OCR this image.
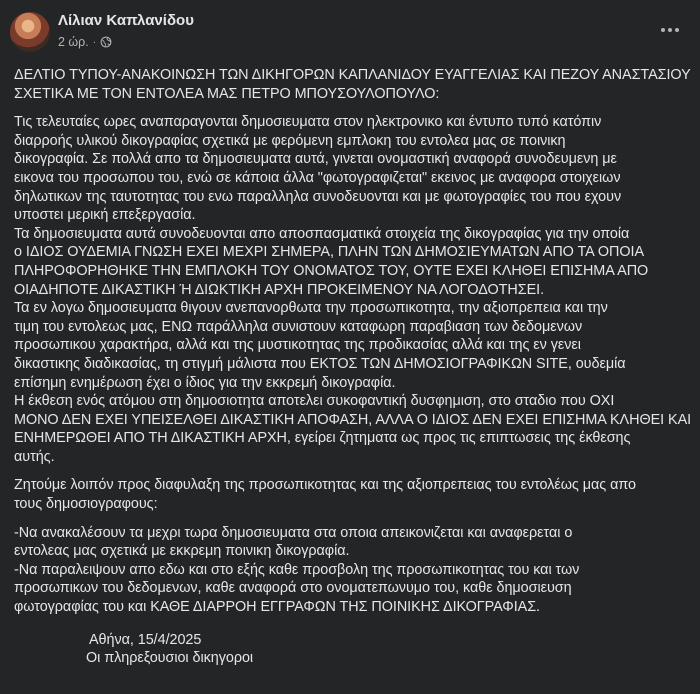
Λίλιαν Καπλανίδου
2 ώρ. ·

ΔΕΛΤΙΟ ΤΥΠΟΥ-ΑΝΑΚΟΙΝΩΣΗ ΤΩΝ ΔΙΚΗΓΟΡΩΝ ΚΑΠΛΑΝΙΔΟΥ ΕΥΑΓΓΕΛΙΑΣ ΚΑΙ ΠΕΖΟΥ ΑΝΑΣΤΑΣΙΟΥ
ΣΧΕΤΙΚΑ ΜΕ ΤΟΝ ΕΝΤΟΛΕΑ ΜΑΣ ΠΕΤΡΟ ΜΠΟΥΣΟΥΛΟΠΟΥΛΟ:

Τις τελευταίες ωρες αναπαραγονται δημοσιευματα στον ηλεκτρονικο και έντυπο τυπό κατόπιν
διαρροής υλικού δικογραφίας σχετικά με φερόμενη εμπλοκη του εντολεα μας σε ποινικη
δικογραφία. Σε πολλά απο τα δημοσιευματα αυτά, γινεται ονομαστική αναφορά συνοδευμενη με
εικονα του προσωπου του, ενώ σε κάποια άλλα "φωτογραφιζεται" εκεινος με αναφορα στοιχειων
δηλωτικων της ταυτοτητας του ενω παραλληλα συνοδευονται και με φωτογραφίες του που εχουν
υποστει μερική επεξεργασία.
Τα δημοσιευματα αυτά συνοδευονται απο αποσπασματικά στοιχεία της δικογραφίας για την οποία
ο ΙΔΙΟΣ ΟΥΔΕΜΙΑ ΓΝΩΣΗ ΕΧΕΙ ΜΕΧΡΙ ΣΗΜΕΡΑ, ΠΛΗΝ ΤΩΝ ΔΗΜΟΣΙΕΥΜΑΤΩΝ ΑΠΟ ΤΑ ΟΠΟΙΑ
ΠΛΗΡΟΦΟΡΗΘΗΚΕ ΤΗΝ ΕΜΠΛΟΚΗ ΤΟΥ ΟΝΟΜΑΤΟΣ ΤΟΥ, ΟΥΤΕ ΕΧΕΙ ΚΛΗΘΕΙ ΕΠΙΣΗΜΑ ΑΠΟ
ΟΙΑΔΗΠΟΤΕ ΔΙΚΑΣΤΙΚΗ Ή ΔΙΩΚΤΙΚΗ ΑΡΧΗ ΠΡΟΚΕΙΜΕΝΟΥ ΝΑ ΛΟΓΟΔΟΤΗΣΕΙ.
Τα εν λογω δημοσιευματα θιγουν ανεπανορθωτα την προσωπικοτητα, την αξιοπρεπεια και την
τιμη του εντολεως μας, ΕΝΩ παράλληλα συνιστουν καταφωρη παραβιαση των δεδομενων
προσωπικου χαρακτήρα, αλλά και της μυστικοτητας της προδικασίας αλλά και της εν γενει
δικαστικης διαδικασίας, τη στιγμή μάλιστα που ΕΚΤΟΣ ΤΩΝ ΔΗΜΟΣΙΟΓΡΑΦΙΚΩΝ SITE, ουδεμία
επίσημη ενημέρωση έχει ο ίδιος για την εκκρεμή δικογραφία.
Η έκθεση ενός ατόμου στη δημοσιοτητα αποτελει συκοφαντική δυσφημιση, στο σταδιο που ΟΧΙ
ΜΟΝΟ ΔΕΝ ΕΧΕΙ ΥΠΕΙΣΕΛΘΕΙ ΔΙΚΑΣΤΙΚΗ ΑΠΟΦΑΣΗ, ΑΛΛΑ Ο ΙΔΙΟΣ ΔΕΝ ΕΧΕΙ ΕΠΙΣΗΜΑ ΚΛΗΘΕΙ ΚΑΙ
ΕΝΗΜΕΡΩΘΕΙ ΑΠΟ ΤΗ ΔΙΚΑΣΤΙΚΗ ΑΡΧΗ, εγείρει ζητηματα ως προς τις επιπτωσεις της έκθεσης
αυτής.

Ζητούμε λοιπόν προς διαφυλαξη της προσωπικοτητας και της αξιοπρεπειας του εντολέως μας απο
τους δημοσιογραφους:

-Να ανακαλέσουν τα μεχρι τωρα δημοσιευματα στα οποια απεικονιζεται και αναφερεται ο
εντολεας μας σχετικά με εκκρεμη ποινικη δικογραφία.
-Να παραλειψουν απο εδω και στο εξής καθε προσβολη της προσωπικοτητας του και των
προσωπικων του δεδομενων, καθε αναφορά στο ονοματεπωνυμο του, καθε δημοσιευση
φωτογραφίας του και ΚΑΘΕ ΔΙΑΡΡΟΗ ΕΓΓΡΑΦΩΝ ΤΗΣ ΠΟΙΝΙΚΗΣ ΔΙΚΟΓΡΑΦΙΑΣ.

Αθήνα, 15/4/2025

Οι πληρεξουσιοι δικηγοροι
